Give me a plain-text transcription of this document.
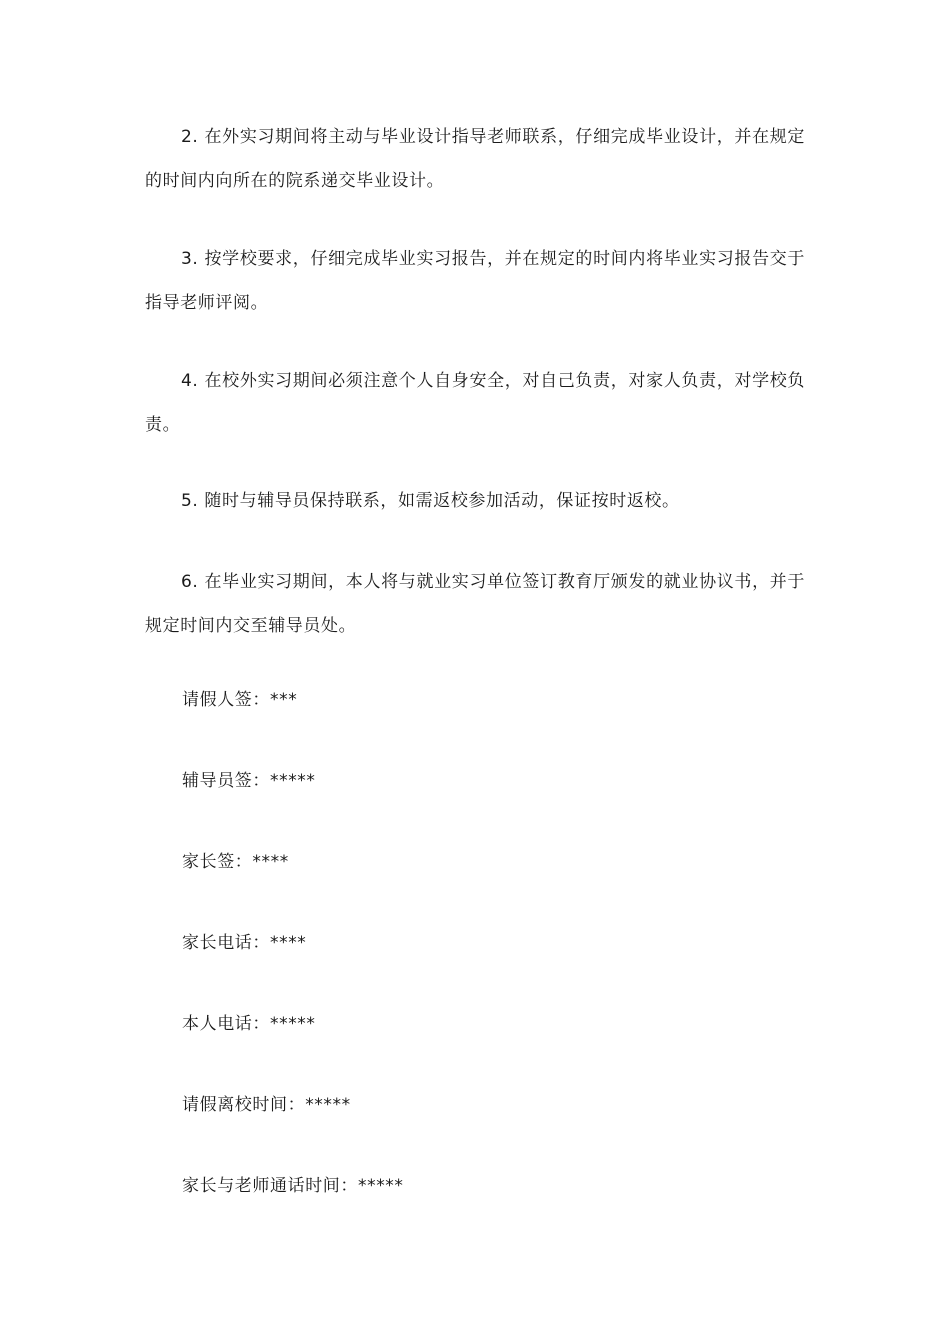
2. 在外实习期间将主动与毕业设计指导老师联系，仔细完成毕业设计，并在规定的时间内向所在的院系递交毕业设计。

3. 按学校要求，仔细完成毕业实习报告，并在规定的时间内将毕业实习报告交于指导老师评阅。

4. 在校外实习期间必须注意个人自身安全，对自己负责，对家人负责，对学校负责。

5. 随时与辅导员保持联系，如需返校参加活动，保证按时返校。

6. 在毕业实习期间，本人将与就业实习单位签订教育厅颁发的就业协议书，并于规定时间内交至辅导员处。

请假人签：***

辅导员签：*****

家长签：****

家长电话：****

本人电话：*****

请假离校时间：*****

家长与老师通话时间：*****
